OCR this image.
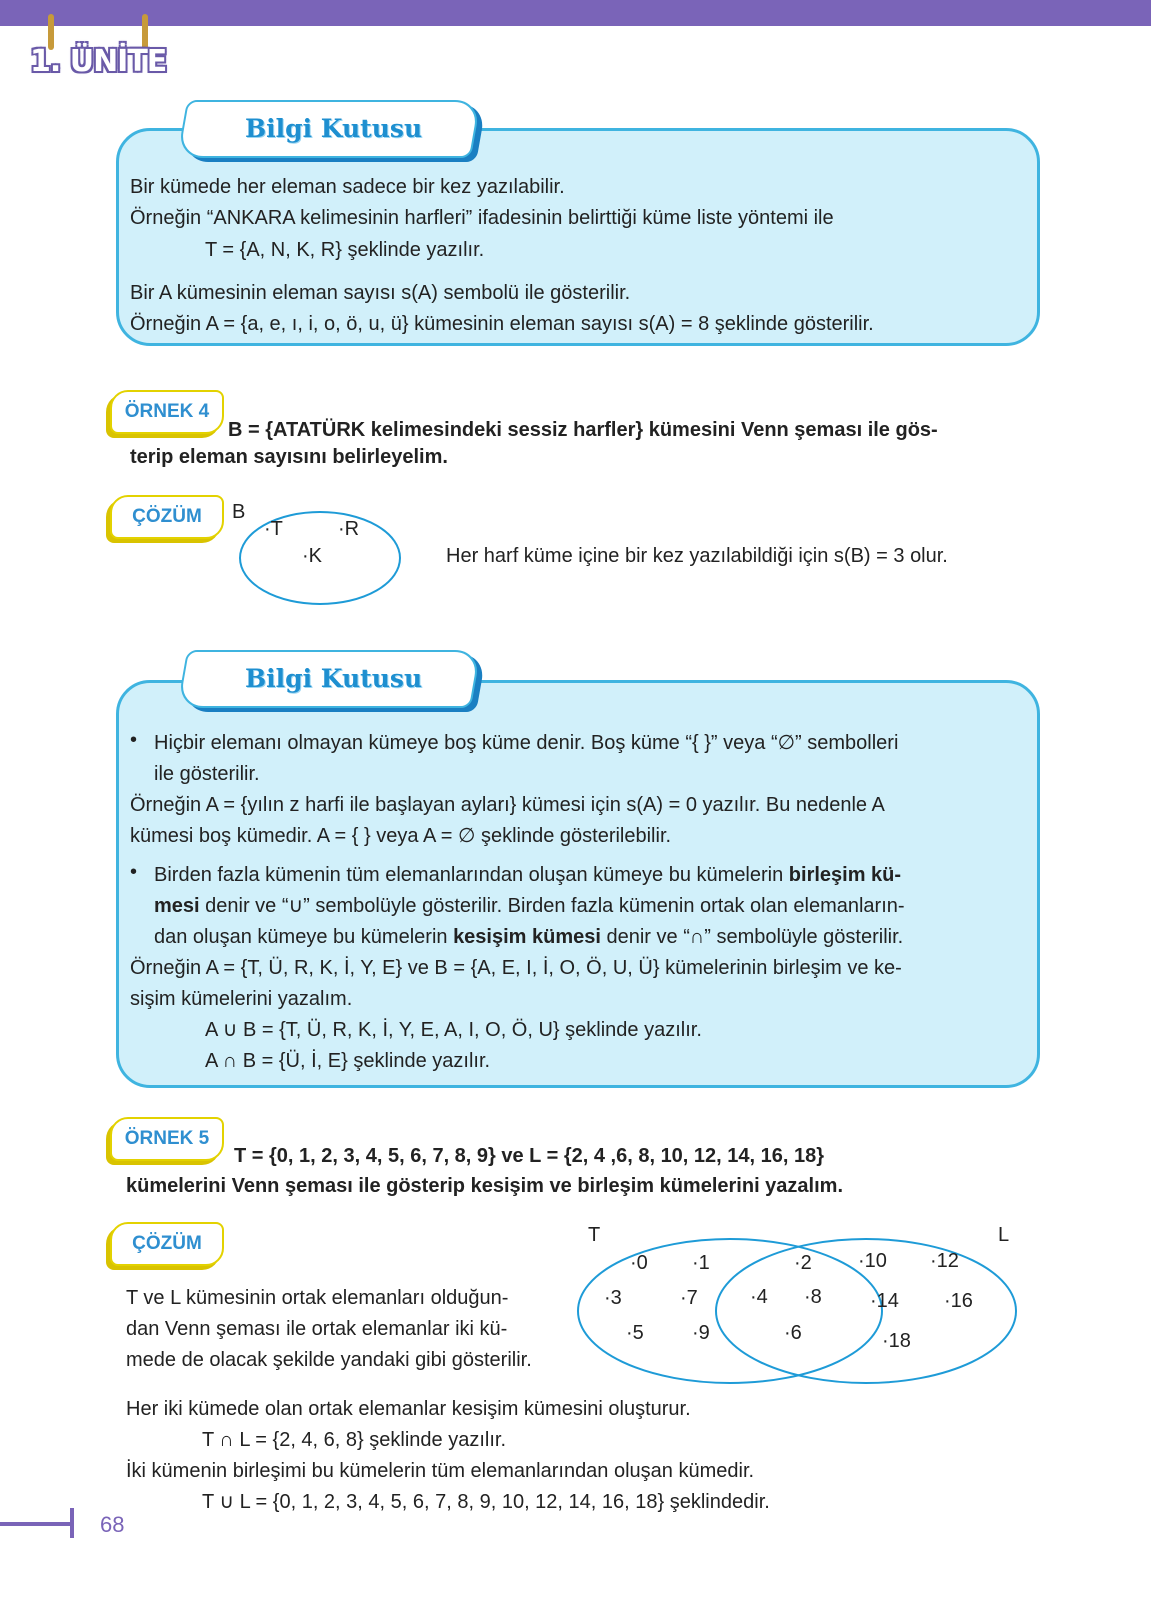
1. ÜNİTE
Bilgi Kutusu
Bir kümede her eleman sadece bir kez yazılabilir.
Örneğin “ANKARA kelimesinin harfleri” ifadesinin belirttiği küme liste yöntemi ile
T = {A, N, K, R} şeklinde yazılır.
Bir A kümesinin eleman sayısı s(A) sembolü ile gösterilir.
Örneğin A = {a, e, ı, i, o, ö, u, ü} kümesinin eleman sayısı s(A) = 8 şeklinde gösterilir.
ÖRNEK 4
B = {ATATÜRK kelimesindeki sessiz harfler} kümesini Venn şeması ile gös-
terip eleman sayısını belirleyelim.
ÇÖZÜM	B
·T	·R
·K	Her harf küme içine bir kez yazılabildiği için s(B) = 3 olur.
Bilgi Kutusu
• Hiçbir elemanı olmayan kümeye boş küme denir. Boş küme “{ }” veya “∅” sembolleri
ile gösterilir.
Örneğin A = {yılın z harfi ile başlayan ayları} kümesi için s(A) = 0 yazılır. Bu nedenle A
kümesi boş kümedir. A = { } veya A = ∅ şeklinde gösterilebilir.
• Birden fazla kümenin tüm elemanlarından oluşan kümeye bu kümelerin birleşim kü-
mesi denir ve “∪” sembolüyle gösterilir. Birden fazla kümenin ortak olan elemanların-
dan oluşan kümeye bu kümelerin kesişim kümesi denir ve “∩” sembolüyle gösterilir.
Örneğin A = {T, Ü, R, K, İ, Y, E} ve B = {A, E, I, İ, O, Ö, U, Ü} kümelerinin birleşim ve ke-
sişim kümelerini yazalım.
A ∪ B = {T, Ü, R, K, İ, Y, E, A, I, O, Ö, U} şeklinde yazılır.
A ∩ B = {Ü, İ, E} şeklinde yazılır.
ÖRNEK 5
T = {0, 1, 2, 3, 4, 5, 6, 7, 8, 9} ve L = {2, 4 ,6, 8, 10, 12, 14, 16, 18}
kümelerini Venn şeması ile gösterip kesişim ve birleşim kümelerini yazalım.
ÇÖZÜM
T ve L kümesinin ortak elemanları olduğun-
dan Venn şeması ile ortak elemanlar iki kü-
mede de olacak şekilde yandaki gibi gösterilir.
T	L
·0 ·1
·3	·7
·5 ·9
·2
·4 ·8
·6
·10 ·12
·14 ·16
·18
Her iki kümede olan ortak elemanlar kesişim kümesini oluşturur.
T ∩ L = {2, 4, 6, 8} şeklinde yazılır.
İki kümenin birleşimi bu kümelerin tüm elemanlarından oluşan kümedir.
T ∪ L = {0, 1, 2, 3, 4, 5, 6, 7, 8, 9, 10, 12, 14, 16, 18} şeklindedir.
68
